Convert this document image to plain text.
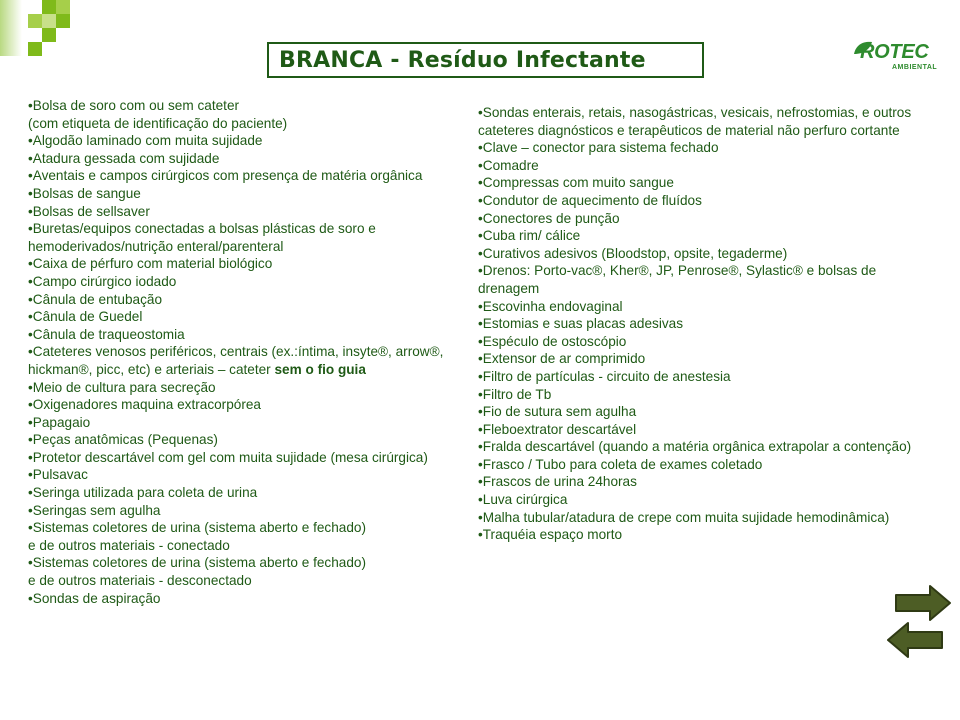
BRANCA - Resíduo Infectante	ROTEC
AMBIENTAL

•Bolsa de soro com ou sem cateter

(com etiqueta de identificação do paciente)

•Algodão laminado com muita sujidade

•Atadura gessada com sujidade

•Aventais e campos cirúrgicos com presença de matéria orgânica

•Bolsas de sangue

•Bolsas de sellsaver

•Buretas/equipos conectadas a bolsas plásticas de soro e hemoderivados/nutrição enteral/parenteral

•Caixa de pérfuro com material biológico

•Campo cirúrgico iodado

•Cânula de entubação

•Cânula de Guedel

•Cânula de traqueostomia

•Cateteres venosos periféricos, centrais (ex.:íntima, insyte®, arrow®, hickman®, picc, etc) e arteriais – cateter sem o fio guia

•Meio de cultura para secreção

•Oxigenadores maquina extracorpórea

•Papagaio

•Peças anatômicas (Pequenas)

•Protetor descartável com gel com muita sujidade (mesa cirúrgica)

•Pulsavac

•Seringa utilizada para coleta de urina

•Seringas sem agulha

•Sistemas coletores de urina (sistema aberto e fechado)

e de outros materiais - conectado

•Sistemas coletores de urina (sistema aberto e fechado)

e de outros materiais - desconectado

•Sondas de aspiração

•Sondas enterais, retais, nasogástricas, vesicais, nefrostomias, e outros cateteres diagnósticos e terapêuticos de material não perfuro cortante

•Clave – conector para sistema fechado

•Comadre

•Compressas com muito sangue

•Condutor de aquecimento de fluídos

•Conectores de punção

•Cuba rim/ cálice

•Curativos adesivos (Bloodstop, opsite, tegaderme)

•Drenos: Porto-vac®, Kher®, JP, Penrose®, Sylastic® e bolsas de drenagem

•Escovinha endovaginal

•Estomias e suas placas adesivas

•Espéculo de ostoscópio

•Extensor de ar comprimido

•Filtro de partículas - circuito de anestesia

•Filtro de Tb

•Fio de sutura sem agulha

•Fleboextrator descartável

•Fralda descartável (quando a matéria orgânica extrapolar a contenção)

•Frasco / Tubo para coleta de exames coletado

•Frascos de urina 24horas

•Luva cirúrgica

•Malha tubular/atadura de crepe com muita sujidade hemodinâmica)

•Traquéia espaço morto
